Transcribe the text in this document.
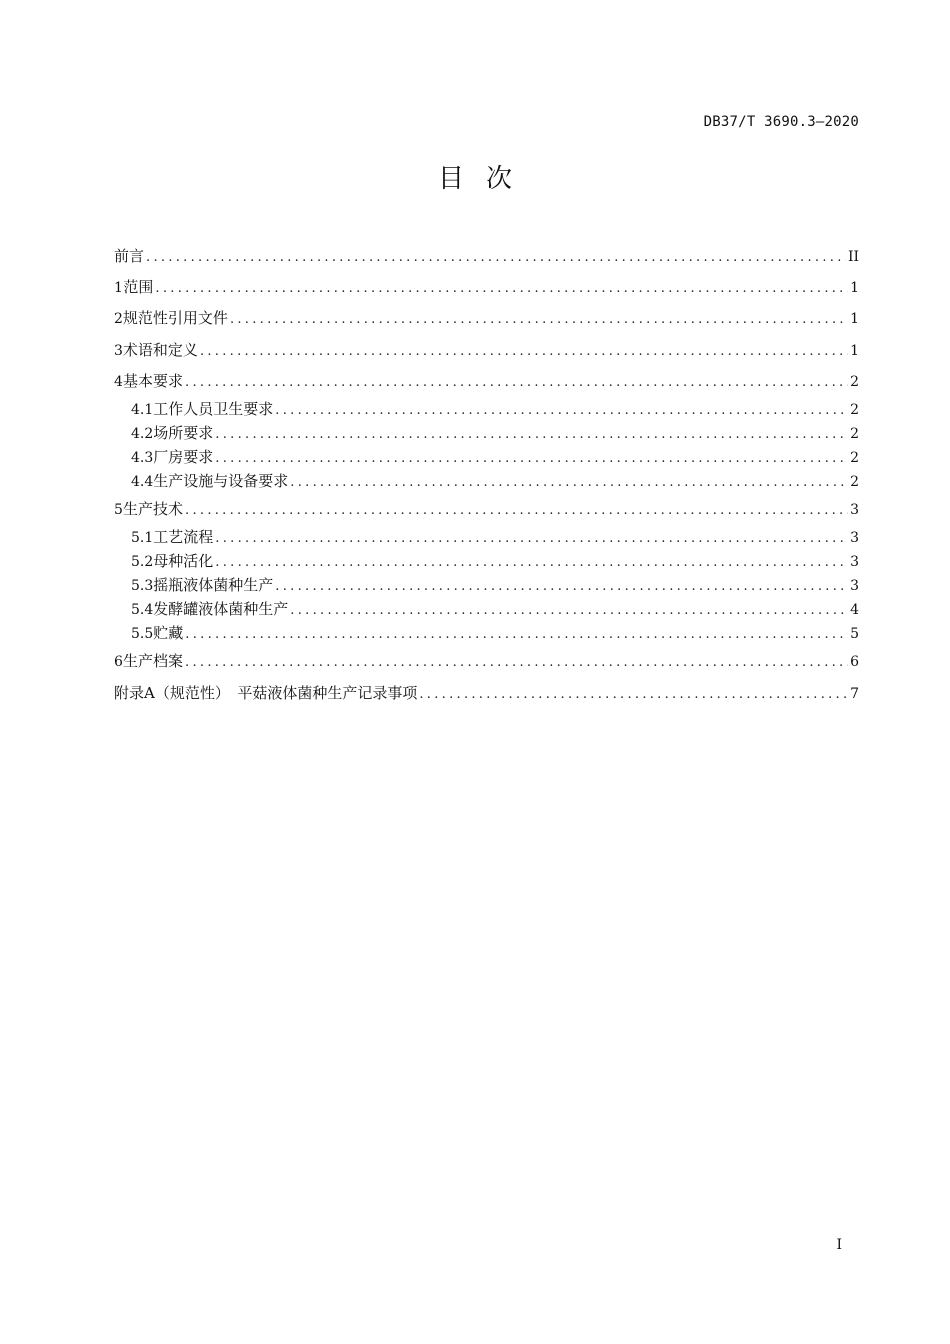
DB37/T 3690.3—2020
目次
前言 .....	II
1 范围 .....	1
2 规范性引用文件 .....	1
3 术语和定义 .....	1
4 基本要求 .....	2
4.1 工作人员卫生要求 .....	2
4.2 场所要求 .....	2
4.3 厂房要求 .....	2
4.4 生产设施与设备要求 .....	2
5 生产技术 .....	3
5.1 工艺流程 .....	3
5.2 母种活化 .....	3
5.3 摇瓶液体菌种生产 .....	3
5.4 发酵罐液体菌种生产 .....	4
5.5 贮藏 .....	5
6 生产档案 .....	6
附录A（规范性）　平菇液体菌种生产记录事项 .....	7
I
